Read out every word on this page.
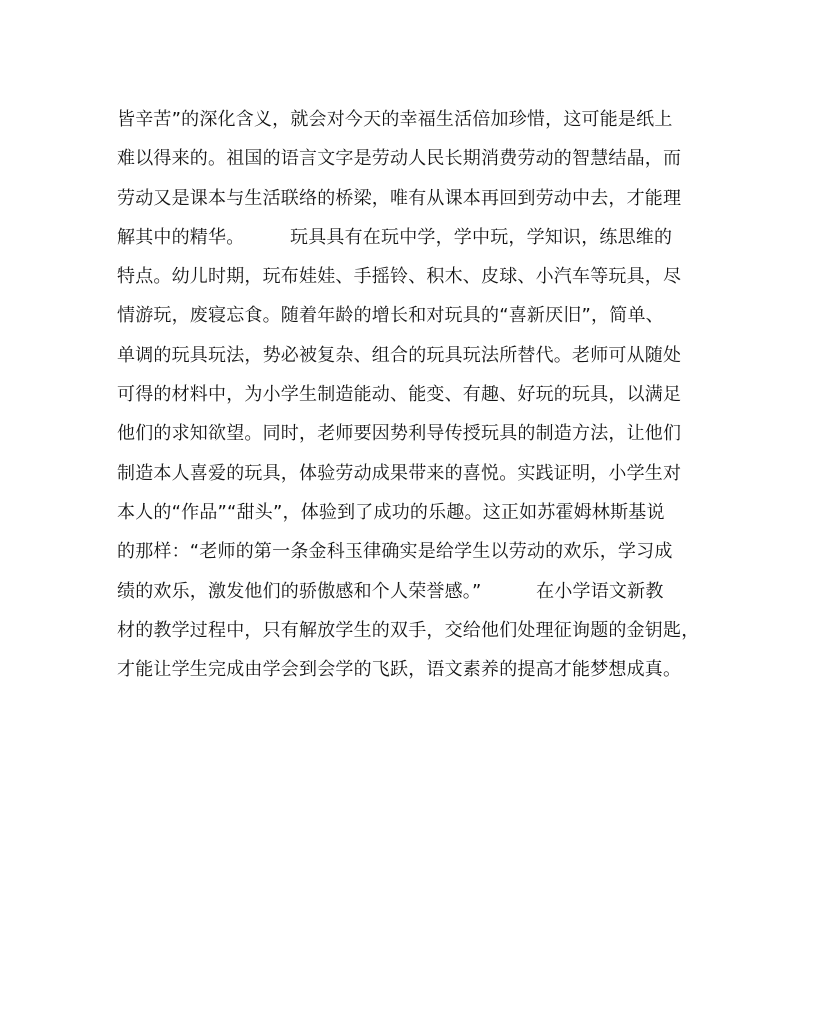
皆辛苦”的深化含义，就会对今天的幸福生活倍加珍惜，这可能是纸上
难以得来的。祖国的语言文字是劳动人民长期消费劳动的智慧结晶，而
劳动又是课本与生活联络的桥梁，唯有从课本再回到劳动中去，才能理
解其中的精华。　　　玩具具有在玩中学，学中玩，学知识，练思维的
特点。幼儿时期，玩布娃娃、手摇铃、积木、皮球、小汽车等玩具，尽
情游玩，废寝忘食。随着年龄的增长和对玩具的“喜新厌旧”，简单、
单调的玩具玩法，势必被复杂、组合的玩具玩法所替代。老师可从随处
可得的材料中，为小学生制造能动、能变、有趣、好玩的玩具，以满足
他们的求知欲望。同时，老师要因势利导传授玩具的制造方法，让他们
制造本人喜爱的玩具，体验劳动成果带来的喜悦。实践证明，小学生对
本人的“作品”“甜头”，体验到了成功的乐趣。这正如苏霍姆林斯基说
的那样：“老师的第一条金科玉律确实是给学生以劳动的欢乐，学习成
绩的欢乐，激发他们的骄傲感和个人荣誉感。”　　　在小学语文新教
材的教学过程中，只有解放学生的双手，交给他们处理征询题的金钥匙，
才能让学生完成由学会到会学的飞跃，语文素养的提高才能梦想成真。
